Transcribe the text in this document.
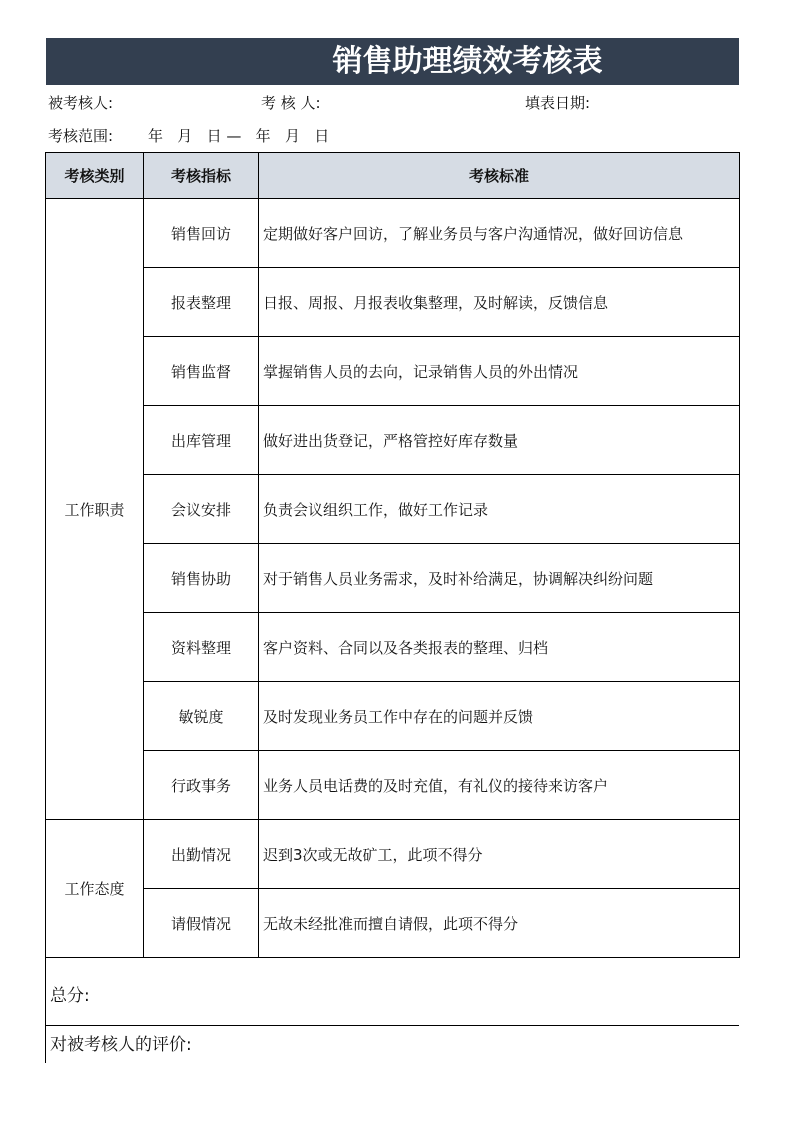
销售助理绩效考核表
被考核人:	考 核 人:	填表日期:
考核范围: 年   月   日 —   年   月   日
考核类别	考核指标	考核标准
工作职责	销售回访	定期做好客户回访，了解业务员与客户沟通情况，做好回访信息
	报表整理	日报、周报、月报表收集整理，及时解读，反馈信息
	销售监督	掌握销售人员的去向，记录销售人员的外出情况
	出库管理	做好进出货登记，严格管控好库存数量
	会议安排	负责会议组织工作，做好工作记录
	销售协助	对于销售人员业务需求，及时补给满足，协调解决纠纷问题
	资料整理	客户资料、合同以及各类报表的整理、归档
	敏锐度	及时发现业务员工作中存在的问题并反馈
	行政事务	业务人员电话费的及时充值，有礼仪的接待来访客户
工作态度	出勤情况	迟到3次或无故矿工，此项不得分
	请假情况	无故未经批准而擅自请假，此项不得分
总分:
对被考核人的评价:
